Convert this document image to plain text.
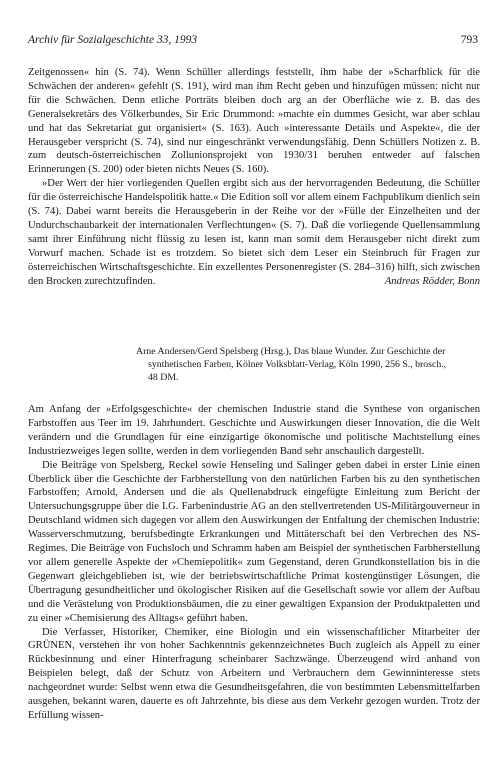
Archiv für Sozialgeschichte 33, 1993	793

Zeitgenossen« hin (S. 74). Wenn Schüller allerdings feststellt, ihm habe der »Scharfblick für die Schwächen der anderen« gefehlt (S. 191), wird man ihm Recht geben und hinzufügen müssen: nicht nur für die Schwächen. Denn etliche Porträts bleiben doch arg an der Oberfläche wie z. B. das des Generalsekretärs des Völkerbundes, Sir Eric Drummond: »machte ein dummes Gesicht, war aber schlau und hat das Sekretariat gut organisiert« (S. 163). Auch »interessante Details und Aspekte«, die der Herausgeber verspricht (S. 74), sind nur eingeschränkt verwendungsfähig. Denn Schüllers Notizen z. B. zum deutsch-österreichischen Zollunionsprojekt von 1930/31 beruhen entweder auf falschen Erinnerungen (S. 200) oder bieten nichts Neues (S. 160).

»Der Wert der hier vorliegenden Quellen ergibt sich aus der hervorragenden Bedeutung, die Schüller für die österreichische Handelspolitik hatte.« Die Edition soll vor allem einem Fachpublikum dienlich sein (S. 74). Dabei warnt bereits die Herausgeberin in der Reihe vor der »Fülle der Einzelheiten und der Undurchschaubarkeit der internationalen Verflechtungen« (S. 7). Daß die vorliegende Quellensammlung samt ihrer Einführung nicht flüssig zu lesen ist, kann man somit dem Herausgeber nicht direkt zum Vorwurf machen. Schade ist es trotzdem. So bietet sich dem Leser ein Steinbruch für Fragen zur österreichischen Wirtschaftsgeschichte. Ein exzellentes Personenregister (S. 284–316) hilft, sich zwischen den Brocken zurechtzufinden.	Andreas Rödder, Bonn

Arne Andersen/Gerd Spelsberg (Hrsg.), Das blaue Wunder. Zur Geschichte der
synthetischen Farben, Kölner Volksblatt-Verlag, Köln 1990, 256 S., brosch.,
48 DM.

Am Anfang der »Erfolgsgeschichte« der chemischen Industrie stand die Synthese von organischen Farbstoffen aus Teer im 19. Jahrhundert. Geschichte und Auswirkungen dieser Innovation, die die Welt verändern und die Grundlagen für eine einzigartige ökonomische und politische Machtstellung eines Industriezweiges legen sollte, werden in dem vorliegenden Band sehr anschaulich dargestellt.

Die Beiträge von Spelsberg, Reckel sowie Henseling und Salinger geben dabei in erster Linie einen Überblick über die Geschichte der Farbherstellung von den natürlichen Farben bis zu den synthetischen Farbstoffen; Arnold, Andersen und die als Quellenabdruck eingefügte Einleitung zum Bericht der Untersuchungsgruppe über die I.G. Farbenindustrie AG an den stellvertretenden US-Militärgouverneur in Deutschland widmen sich dagegen vor allem den Auswirkungen der Entfaltung der chemischen Industrie: Wasserverschmutzung, berufsbedingte Erkrankungen und Mittäterschaft bei den Verbrechen des NS-Regimes. Die Beiträge von Fuchsloch und Schramm haben am Beispiel der synthetischen Farbherstellung vor allem generelle Aspekte der »Chemiepolitik« zum Gegenstand, deren Grundkonstellation bis in die Gegenwart gleichgeblieben ist, wie der betriebswirtschaftliche Primat kostengünstiger Lösungen, die Übertragung gesundheitlicher und ökologischer Risiken auf die Gesellschaft sowie vor allem der Aufbau und die Verästelung von Produktionsbäumen, die zu einer gewaltigen Expansion der Produktpaletten und zu einer »Chemisierung des Alltags« geführt haben.

Die Verfasser, Historiker, Chemiker, eine Biologin und ein wissenschaftlicher Mitarbeiter der GRÜNEN, verstehen ihr von hoher Sachkenntnis gekennzeichnetes Buch zugleich als Appell zu einer Rückbesinnung und einer Hinterfragung scheinbarer Sachzwänge. Überzeugend wird anhand von Beispielen belegt, daß der Schutz von Arbeitern und Verbrauchern dem Gewinninteresse stets nachgeordnet wurde: Selbst wenn etwa die Gesundheitsgefahren, die von bestimmten Lebensmittelfarben ausgehen, bekannt waren, dauerte es oft Jahrzehnte, bis diese aus dem Verkehr gezogen wurden. Trotz der Erfüllung wissen-
